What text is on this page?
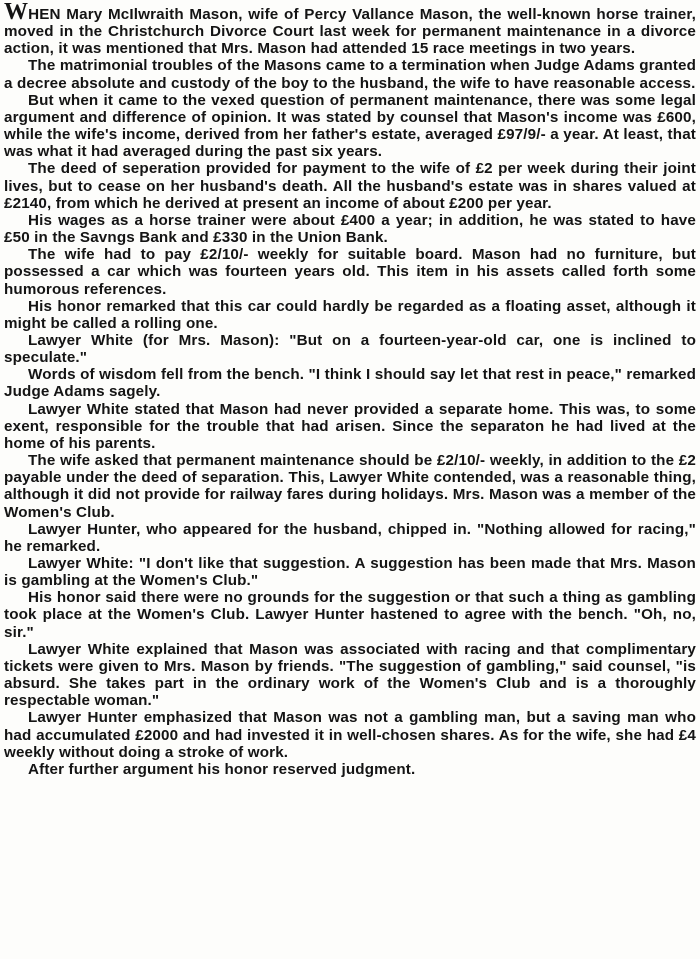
WHEN Mary McIlwraith Mason, wife of Percy Vallance Mason, the well-known horse trainer, moved in the Christchurch Divorce Court last week for permanent maintenance in a divorce action, it was mentioned that Mrs. Mason had attended 15 race meetings in two years.

The matrimonial troubles of the Masons came to a termination when Judge Adams granted a decree absolute and custody of the boy to the husband, the wife to have reasonable access.

But when it came to the vexed question of permanent maintenance, there was some legal argument and difference of opinion. It was stated by counsel that Mason's income was £600, while the wife's income, derived from her father's estate, averaged £97/9/- a year. At least, that was what it had averaged during the past six years.

The deed of seperation provided for payment to the wife of £2 per week during their joint lives, but to cease on her husband's death. All the husband's estate was in shares valued at £2140, from which he derived at present an income of about £200 per year.

His wages as a horse trainer were about £400 a year; in addition, he was stated to have £50 in the Savngs Bank and £330 in the Union Bank.

The wife had to pay £2/10/- weekly for suitable board. Mason had no furniture, but possessed a car which was fourteen years old. This item in his assets called forth some humorous references.

His honor remarked that this car could hardly be regarded as a floating asset, although it might be called a rolling one.

Lawyer White (for Mrs. Mason): "But on a fourteen-year-old car, one is inclined to speculate."

Words of wisdom fell from the bench. "I think I should say let that rest in peace," remarked Judge Adams sagely.

Lawyer White stated that Mason had never provided a separate home. This was, to some exent, responsible for the trouble that had arisen. Since the separaton he had lived at the home of his parents.

The wife asked that permanent maintenance should be £2/10/- weekly, in addition to the £2 payable under the deed of separation. This, Lawyer White contended, was a reasonable thing, although it did not provide for railway fares during holidays. Mrs. Mason was a member of the Women's Club.

Lawyer Hunter, who appeared for the husband, chipped in. "Nothing allowed for racing," he remarked.

Lawyer White: "I don't like that suggestion. A suggestion has been made that Mrs. Mason is gambling at the Women's Club."

His honor said there were no grounds for the suggestion or that such a thing as gambling took place at the Women's Club. Lawyer Hunter hastened to agree with the bench. "Oh, no, sir."

Lawyer White explained that Mason was associated with racing and that complimentary tickets were given to Mrs. Mason by friends. "The suggestion of gambling," said counsel, "is absurd. She takes part in the ordinary work of the Women's Club and is a thoroughly respectable woman."

Lawyer Hunter emphasized that Mason was not a gambling man, but a saving man who had accumulated £2000 and had invested it in well-chosen shares. As for the wife, she had £4 weekly without doing a stroke of work.

After further argument his honor reserved judgment.
